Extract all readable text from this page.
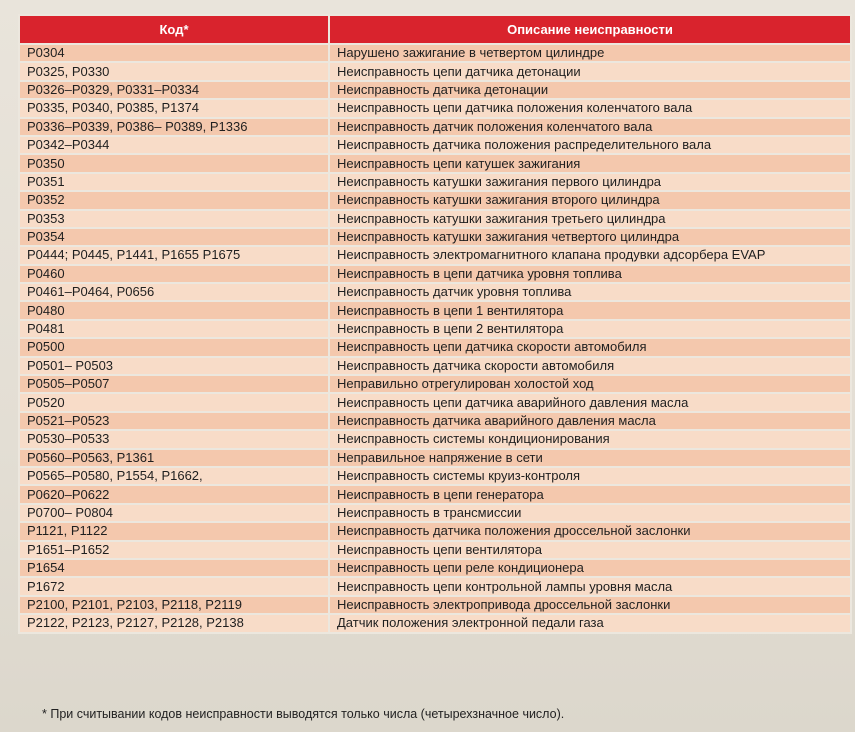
Код*	Описание неисправности
P0304	Нарушено зажигание в четвертом цилиндре
P0325, P0330	Неисправность цепи датчика детонации
P0326–P0329, P0331–P0334	Неисправность датчика детонации
P0335, P0340, P0385, P1374	Неисправность цепи датчика положения коленчатого вала
P0336–P0339, P0386– P0389, P1336	Неисправность датчик положения коленчатого вала
P0342–P0344	Неисправность датчика положения распределительного вала
P0350	Неисправность цепи катушек зажигания
P0351	Неисправность катушки зажигания первого цилиндра
P0352	Неисправность катушки зажигания второго цилиндра
P0353	Неисправность катушки зажигания третьего цилиндра
P0354	Неисправность катушки зажигания четвертого цилиндра
P0444; P0445, P1441, P1655 P1675	Неисправность электромагнитного клапана продувки адсорбера EVAP
P0460	Неисправность в цепи датчика уровня топлива
P0461–P0464, P0656	Неисправность датчик уровня топлива
P0480	Неисправность в цепи 1 вентилятора
P0481	Неисправность в цепи 2 вентилятора
P0500	Неисправность цепи датчика скорости автомобиля
P0501– P0503	Неисправность датчика скорости автомобиля
P0505–P0507	Неправильно отрегулирован холостой ход
P0520	Неисправность цепи датчика аварийного давления масла
P0521–P0523	Неисправность датчика аварийного давления масла
P0530–P0533	Неисправность системы кондиционирования
P0560–P0563, P1361	Неправильное напряжение в сети
P0565–P0580, P1554, P1662,	Неисправность системы круиз-контроля
P0620–P0622	Неисправность в цепи генератора
P0700– P0804	Неисправность в трансмиссии
P1121, P1122	Неисправность датчика положения дроссельной заслонки
P1651–P1652	Неисправность цепи вентилятора
P1654	Неисправность цепи реле кондиционера
P1672	Неисправность цепи контрольной лампы уровня масла
P2100, P2101, P2103, P2118, P2119	Неисправность электропривода дроссельной заслонки
P2122, P2123, P2127, P2128, P2138	Датчик положения электронной педали газа
* При считывании кодов неисправности выводятся только числа (четырехзначное число).
